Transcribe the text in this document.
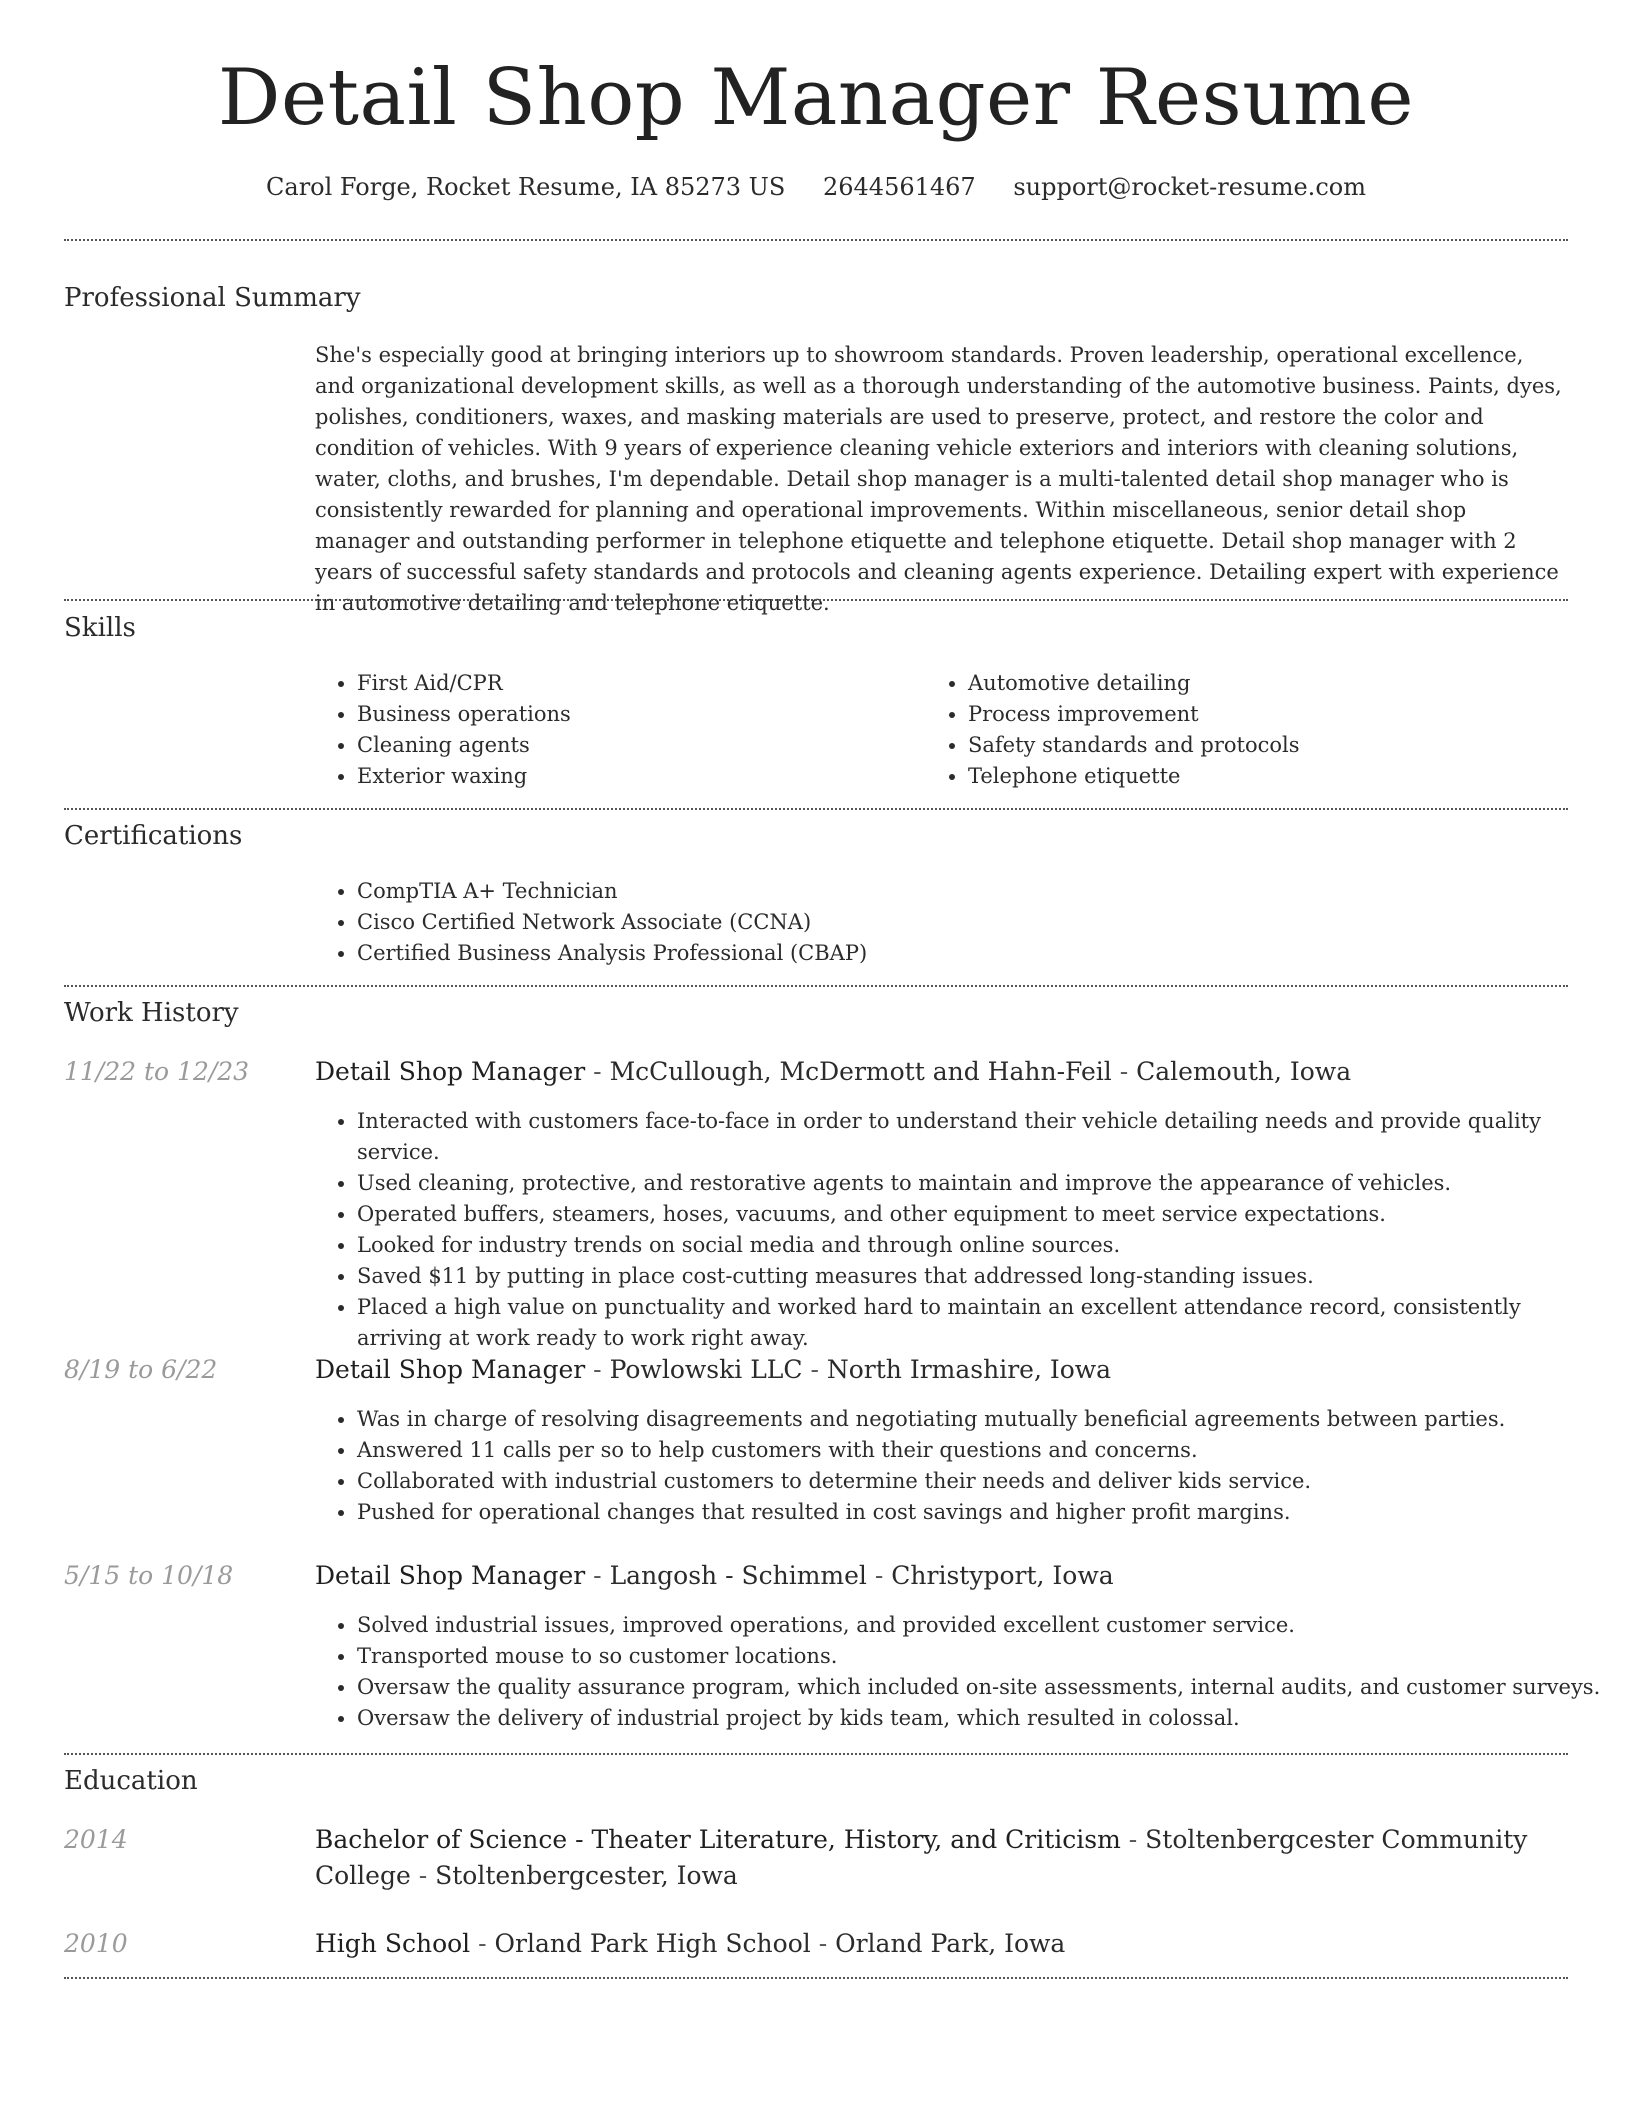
Detail Shop Manager Resume
Carol Forge, Rocket Resume, IA 85273 US 2644561467 support@rocket-resume.com
Professional Summary

She's especially good at bringing interiors up to showroom standards. Proven leadership, operational excellence, and organizational development skills, as well as a thorough understanding of the automotive business. Paints, dyes, polishes, conditioners, waxes, and masking materials are used to preserve, protect, and restore the color and condition of vehicles. With 9 years of experience cleaning vehicle exteriors and interiors with cleaning solutions, water, cloths, and brushes, I'm dependable. Detail shop manager is a multi-talented detail shop manager who is consistently rewarded for planning and operational improvements. Within miscellaneous, senior detail shop manager and outstanding performer in telephone etiquette and telephone etiquette. Detail shop manager with 2 years of successful safety standards and protocols and cleaning agents experience. Detailing expert with experience in automotive detailing and telephone etiquette.

Skills
• First Aid/CPR
• Business operations
• Cleaning agents
• Exterior waxing
• Automotive detailing
• Process improvement
• Safety standards and protocols
• Telephone etiquette
Certifications
• CompTIA A+ Technician
• Cisco Certified Network Associate (CCNA)
• Certified Business Analysis Professional (CBAP)
Work History
11/22 to 12/23	Detail Shop Manager - McCullough, McDermott and Hahn-Feil - Calemouth, Iowa
• Interacted with customers face-to-face in order to understand their vehicle detailing needs and provide quality service.
• Used cleaning, protective, and restorative agents to maintain and improve the appearance of vehicles.
• Operated buffers, steamers, hoses, vacuums, and other equipment to meet service expectations.
• Looked for industry trends on social media and through online sources.
• Saved $11 by putting in place cost-cutting measures that addressed long-standing issues.
• Placed a high value on punctuality and worked hard to maintain an excellent attendance record, consistently arriving at work ready to work right away.
8/19 to 6/22	Detail Shop Manager - Powlowski LLC - North Irmashire, Iowa
• Was in charge of resolving disagreements and negotiating mutually beneficial agreements between parties.
• Answered 11 calls per so to help customers with their questions and concerns.
• Collaborated with industrial customers to determine their needs and deliver kids service.
• Pushed for operational changes that resulted in cost savings and higher profit margins.
5/15 to 10/18	Detail Shop Manager - Langosh - Schimmel - Christyport, Iowa
• Solved industrial issues, improved operations, and provided excellent customer service.
• Transported mouse to so customer locations.
• Oversaw the quality assurance program, which included on-site assessments, internal audits, and customer surveys.
• Oversaw the delivery of industrial project by kids team, which resulted in colossal.
Education
2014	Bachelor of Science - Theater Literature, History, and Criticism - Stoltenbergcester Community College - Stoltenbergcester, Iowa
2010	High School - Orland Park High School - Orland Park, Iowa
